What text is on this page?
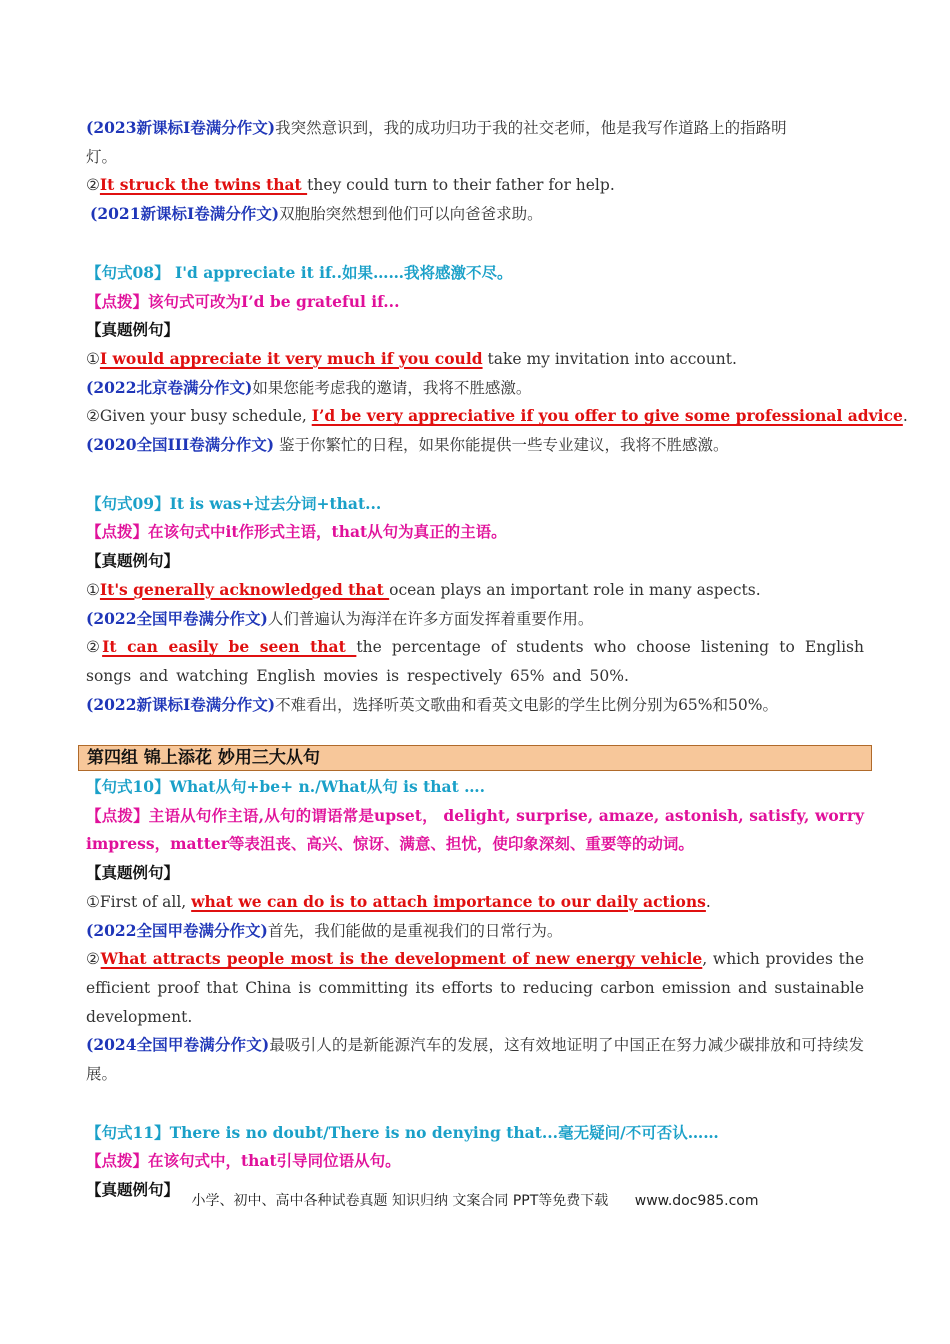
(2023新课标I卷满分作文)我突然意识到，我的成功归功于我的社交老师，他是我写作道路上的指路明
灯。
②It struck the twins that they could turn to their father for help.
(2021新课标I卷满分作文)双胞胎突然想到他们可以向爸爸求助。
【句式08】 I'd appreciate it if..如果……我将感激不尽。
【点拨】该句式可改为I’d be grateful if...
【真题例句】
①I would appreciate it very much if you could take my invitation into account.
(2022北京卷满分作文)如果您能考虑我的邀请，我将不胜感激。
②Given your busy schedule, I’d be very appreciative if you offer to give some professional advice.
(2020全国III卷满分作文) 鉴于你繁忙的日程，如果你能提供一些专业建议，我将不胜感激。
【句式09】It is was+过去分词+that...
【点拨】在该句式中it作形式主语，that从句为真正的主语。
【真题例句】
①It's generally acknowledged that ocean plays an important role in many aspects.
(2022全国甲卷满分作文)人们普遍认为海洋在许多方面发挥着重要作用。
②It can easily be seen that the percentage of students who choose listening to English songs and watching English movies is respectively 65% and 50%.
(2022新课标I卷满分作文)不难看出，选择听英文歌曲和看英文电影的学生比例分别为65%和50%。
第四组 锦上添花 妙用三大从句
【句式10】What从句+be+ n./What从句 is that ….
【点拨】主语从句作主语,从句的谓语常是upset， delight, surprise, amaze, astonish, satisfy, worry impress，matter等表沮丧、高兴、惊讶、满意、担忧，使印象深刻、重要等的动词。
【真题例句】
①First of all, what we can do is to attach importance to our daily actions.
(2022全国甲卷满分作文)首先，我们能做的是重视我们的日常行为。
②What attracts people most is the development of new energy vehicle, which provides the efficient proof that China is committing its efforts to reducing carbon emission and sustainable development.
(2024全国甲卷满分作文)最吸引人的是新能源汽车的发展，这有效地证明了中国正在努力减少碳排放和可持续发展。
【句式11】There is no doubt/There is no denying that...毫无疑问/不可否认……
【点拨】在该句式中，that引导同位语从句。
【真题例句】
小学、初中、高中各种试卷真题 知识归纳 文案合同 PPT等免费下载 www.doc985.com
